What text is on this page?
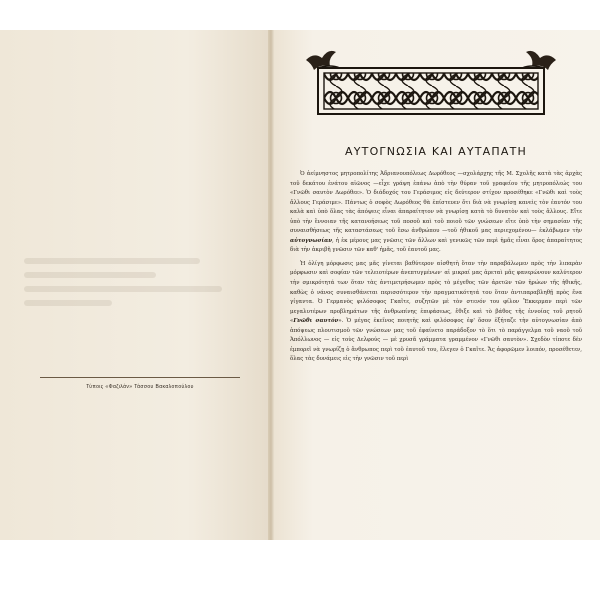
Τύποις «Φαζιλάν» Τάσσου Βακαλοπούλου
ΑΥΤΟΓΝΩΣΙΑ ΚΑΙ ΑΥΤΑΠΑΤΗ

Ὁ ἀείμνηστος μητροπολίτης Ἀδριανουπόλεως Δωρόθεος —σχολάρχης τῆς Μ. Σχολῆς κατὰ τὰς ἀρχὰς τοῦ δεκάτου ἐνάτου αἰῶνος —εἶχε γράψη ἐπάνω ἀπὸ τὴν θύραν τοῦ γραφείου τῆς μητροπόλεώς του «Γνῶθι σαυτὸν Δωρόθεε». Ὁ διάδοχός του Γεράσιμος εἰς δεύτερον στίχον προσέθηκε «Γνῶθι καὶ τοὺς ἄλλους Γεράσιμε». Πάντως ὁ σοφὸς Δωρόθεος θὰ ἐπίστευεν ὅτι διὰ νὰ γνωρίσῃ κανεὶς τὸν ἑαυτόν του καλὰ καὶ ὑπὸ ὅλας τὰς ἀπόψεις εἶναι ἀπαραίτητον νὰ γνωρίσῃ κατὰ τὸ δυνατὸν καὶ τοὺς ἄλλους. Εἴτε ὑπὸ τὴν ἔννοιαν τῆς κατανοήσεως τοῦ ποσοῦ καὶ τοῦ ποιοῦ τῶν γνώσεων εἴτε ὑπὸ τὴν σημασίαν τῆς συναισθήσεως τῆς καταστάσεως τοῦ ἔσω ἀνθρώπου —τοῦ ἠθικοῦ μας περιεχομένου— ἐκλάβωμεν τὴν αὐτογνωσίαν, ἡ ἐκ μέρους μας γνῶσις τῶν ἄλλων καὶ γενικῶς τῶν περὶ ἡμᾶς εἶναι ὅρος ἀπαραίτητος διὰ τὴν ἀκριβῆ γνῶσιν τῶν καθ' ἡμᾶς, τοῦ ἑαυτοῦ μας.

Ἡ ὀλίγη μόρφωσις μας μᾶς γίνεται βαθύτερον αἰσθητὴ ὅταν τὴν παραβάλωμεν πρὸς τὴν λιπαρὰν μόρφωσιν καὶ σοφίαν τῶν τελειοτέρων ἀνεπτυγμένων· αἱ μικραί μας ἀρεταὶ μᾶς φανερώνουν καλύτερον τὴν σμικρότητά των ὅταν τὰς ἀντιμετρήσωμεν πρὸς τὸ μέγεθος τῶν ἀρετῶν τῶν ἡρώων τῆς ἠθικῆς, καθὼς ὁ νάνος συναισθάνεται περισσότερον τὴν πραγματικότητά του ὅταν ἀντιπαραβληθῇ πρὸς ἕνα γίγαντα. Ὁ Γερμανὸς φιλόσοφος Γκαῖτε, συζητῶν μὲ τὸν στενόν του φίλον Ἔκκερμαν περὶ τῶν μεγαλυτέρων προβλημάτων τῆς ἀνθρωπίνης ἐπιφάσεως, ἔθιξε καὶ τὸ βάθος τῆς ἐννοίας τοῦ ρητοῦ «Γνῶθι σαυτόν». Ὁ μέγας ἐκεῖνος ποιητὴς καὶ φιλόσοφος ἐφ' ὅσον ἐξήταζε τὴν αὐτογνωσίαν ἀπὸ ἀπόψεως πλουτισμοῦ τῶν γνώσεων μας τοῦ ἐφαίνετο παράδοξον τὸ ὅτι τὸ παράγγελμα τοῦ ναοῦ τοῦ Ἀπόλλωνος — εἰς τοὺς Δελφούς — μὲ χρυσᾶ γράμματα γραμμένον «Γνῶθι σαυτὸν». Σχεδὸν τίποτε δὲν ἐμπορεῖ νὰ γνωρίζῃ ὁ ἄνθρωπος περὶ τοῦ ἑαυτοῦ του, ἔλεγεν ὁ Γκαῖτε. Ἄς ἀφορῶμεν λοιπόν, προσέθετεν, ὅλας τὰς δυνάμεις εἰς τὴν γνῶσιν τοῦ περὶ
